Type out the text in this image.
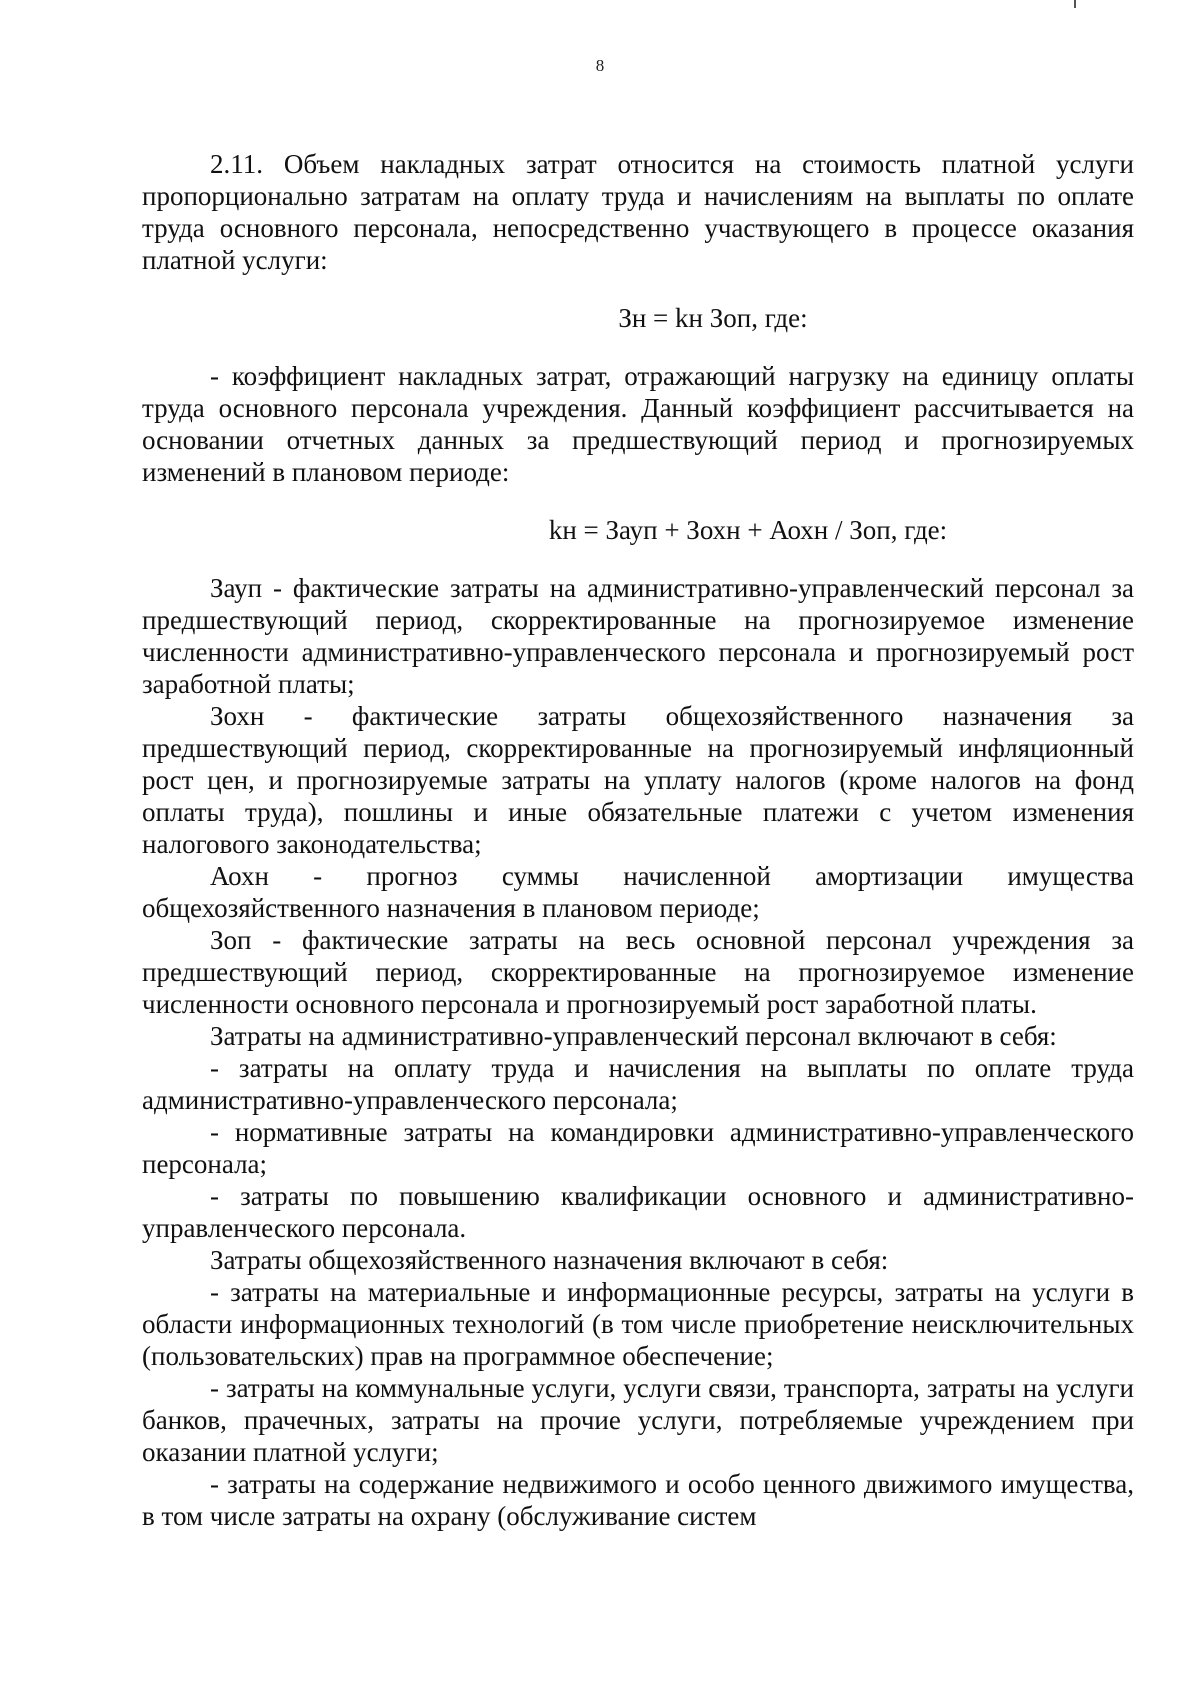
8

2.11. Объем накладных затрат относится на стоимость платной услуги пропорционально затратам на оплату труда и начислениям на выплаты по оплате труда основного персонала, непосредственно участвующего в процессе оказания платной услуги:

Зн = kн Зоп, где:

- коэффициент накладных затрат, отражающий нагрузку на единицу оплаты труда основного персонала учреждения. Данный коэффициент рассчитывается на основании отчетных данных за предшествующий период и прогнозируемых изменений в плановом периоде:

kн = Зауп + Зохн + Аохн / Зоп, где:

Зауп - фактические затраты на административно-управленческий персонал за предшествующий период, скорректированные на прогнозируемое изменение численности административно-управленческого персонала и прогнозируемый рост заработной платы;

Зохн - фактические затраты общехозяйственного назначения за предшествующий период, скорректированные на прогнозируемый инфляционный рост цен, и прогнозируемые затраты на уплату налогов (кроме налогов на фонд оплаты труда), пошлины и иные обязательные платежи с учетом изменения налогового законодательства;

Аохн - прогноз суммы начисленной амортизации имущества общехозяйственного назначения в плановом периоде;

Зоп - фактические затраты на весь основной персонал учреждения за предшествующий период, скорректированные на прогнозируемое изменение численности основного персонала и прогнозируемый рост заработной платы.

Затраты на административно-управленческий персонал включают в себя:

- затраты на оплату труда и начисления на выплаты по оплате труда административно-управленческого персонала;

- нормативные затраты на командировки административно-управленческого персонала;

- затраты по повышению квалификации основного и административно-управленческого персонала.

Затраты общехозяйственного назначения включают в себя:

- затраты на материальные и информационные ресурсы, затраты на услуги в области информационных технологий (в том числе приобретение неисключительных (пользовательских) прав на программное обеспечение;

- затраты на коммунальные услуги, услуги связи, транспорта, затраты на услуги банков, прачечных, затраты на прочие услуги, потребляемые учреждением при оказании платной услуги;

- затраты на содержание недвижимого и особо ценного движимого имущества, в том числе затраты на охрану (обслуживание систем
